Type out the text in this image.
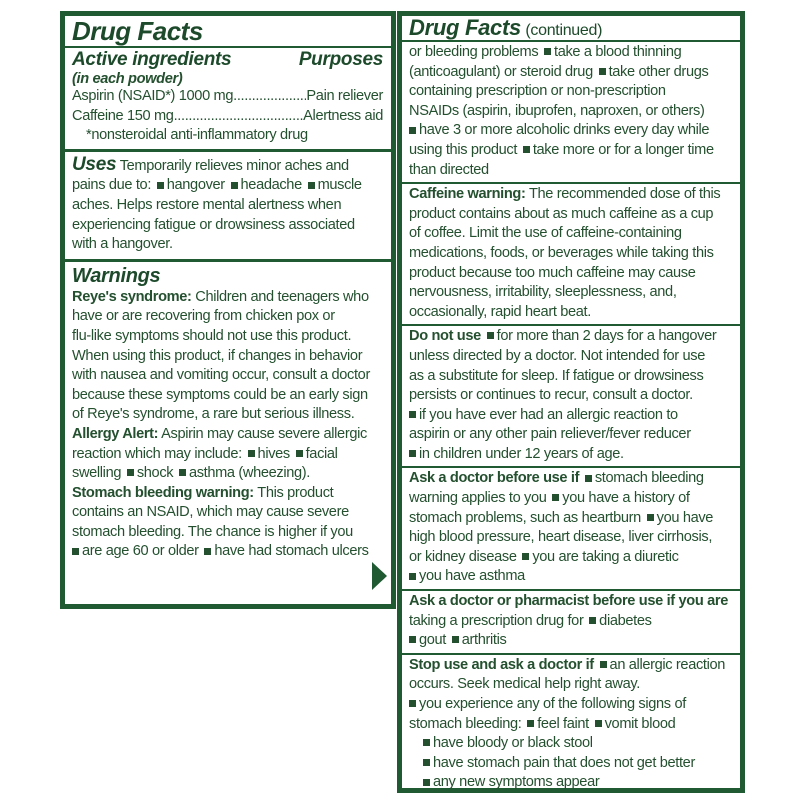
Drug Facts
Active ingredients	Purposes
(in each powder)
Aspirin (NSAID*) 1000 mg .....	Pain reliever
Caffeine 150 mg .....	Alertness aid
*nonsteroidal anti-inflammatory drug
Uses Temporarily relieves minor aches and
pains due to: hangover headache muscle
aches. Helps restore mental alertness when
experiencing fatigue or drowsiness associated
with a hangover.
Warnings
Reye's syndrome: Children and teenagers who
have or are recovering from chicken pox or
flu-like symptoms should not use this product.
When using this product, if changes in behavior
with nausea and vomiting occur, consult a doctor
because these symptoms could be an early sign
of Reye's syndrome, a rare but serious illness.
Allergy Alert: Aspirin may cause severe allergic
reaction which may include: hives facial
swelling shock asthma (wheezing).
Stomach bleeding warning: This product
contains an NSAID, which may cause severe
stomach bleeding. The chance is higher if you
are age 60 or older have had stomach ulcers
Drug Facts (continued)
or bleeding problems take a blood thinning
(anticoagulant) or steroid drug take other drugs
containing prescription or non-prescription
NSAIDs (aspirin, ibuprofen, naproxen, or others)
have 3 or more alcoholic drinks every day while
using this product take more or for a longer time
than directed
Caffeine warning: The recommended dose of this
product contains about as much caffeine as a cup
of coffee. Limit the use of caffeine-containing
medications, foods, or beverages while taking this
product because too much caffeine may cause
nervousness, irritability, sleeplessness, and,
occasionally, rapid heart beat.
Do not use for more than 2 days for a hangover
unless directed by a doctor. Not intended for use
as a substitute for sleep. If fatigue or drowsiness
persists or continues to recur, consult a doctor.
if you have ever had an allergic reaction to
aspirin or any other pain reliever/fever reducer
in children under 12 years of age.
Ask a doctor before use if stomach bleeding
warning applies to you you have a history of
stomach problems, such as heartburn you have
high blood pressure, heart disease, liver cirrhosis,
or kidney disease you are taking a diuretic
you have asthma
Ask a doctor or pharmacist before use if you are
taking a prescription drug for diabetes
gout arthritis
Stop use and ask a doctor if an allergic reaction
occurs. Seek medical help right away.
you experience any of the following signs of
stomach bleeding: feel faint vomit blood
have bloody or black stool
have stomach pain that does not get better
any new symptoms appear
